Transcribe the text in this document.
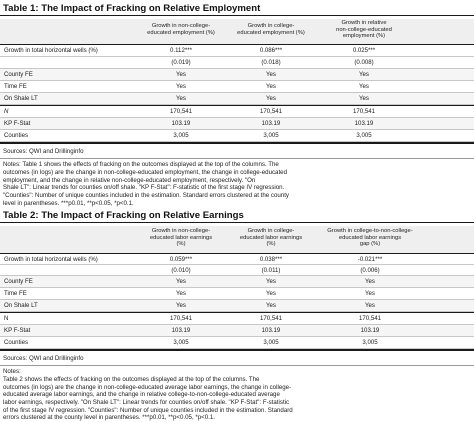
Table 1: The Impact of Fracking on Relative Employment
Growth in non-college-
educated employment (%)
Growth in college-
educated employment (%)
Growth in relative
non-college-educated
employment (%)
Growth in total horizontal wells (%)	0.112***	0.086***	0.025***
(0.019)	(0.018)	(0.008)
County FE	Yes	Yes	Yes
Time FE	Yes	Yes	Yes
On Shale LT	Yes	Yes	Yes
N	170,541	170,541	170,541
KP F-Stat	103.19	103.19	103.19
Counties	3,005	3,005	3,005
Sources: QWI and Drillinginfo
Notes: Table 1 shows the effects of fracking on the outcomes displayed at the top of the columns. The
outcomes (in logs) are the change in non-college-educated employment, the change in college-educated
employment, and the change in relative non-college-educated employment, respectively. "On
Shale LT": Linear trends for counties on/off shale. "KP F-Stat": F-statistic of the first stage IV regression.
"Counties": Number of unique counties included in the estimation. Standard errors clustered at the county
level in parentheses. ***p0.01, **p<0.05, *p<0.1.
Table 2: The Impact of Fracking on Relative Earnings
Growth in non-college-
educated labor earnings
(%)
Growth in college-
educated labor earnings
(%)
Growth in college-to-non-college-
educated labor earnings
gap (%)
Growth in total horizontal wells (%)	0.059***	0.038***	-0.021***
(0.010)	(0.011)	(0.006)
County FE	Yes	Yes	Yes
Time FE	Yes	Yes	Yes
On Shale LT	Yes	Yes	Yes
N	170,541	170,541	170,541
KP F-Stat	103.19	103.19	103.19
Counties	3,005	3,005	3,005
Sources: QWI and Drillinginfo
Notes:
Table 2 shows the effects of fracking on the outcomes displayed at the top of the columns. The
outcomes (in logs) are the change in non-college-educated average labor earnings, the change in college-
educated average labor earnings, and the change in relative college-to-non-college-educated average
labor earnings, respectively. "On Shale LT": Linear trends for counties on/off shale. "KP F-Stat": F-statistic
of the first stage IV regression. "Counties": Number of unique counties included in the estimation. Standard
errors clustered at the county level in parentheses. ***p0.01, **p<0.05, *p<0.1.
